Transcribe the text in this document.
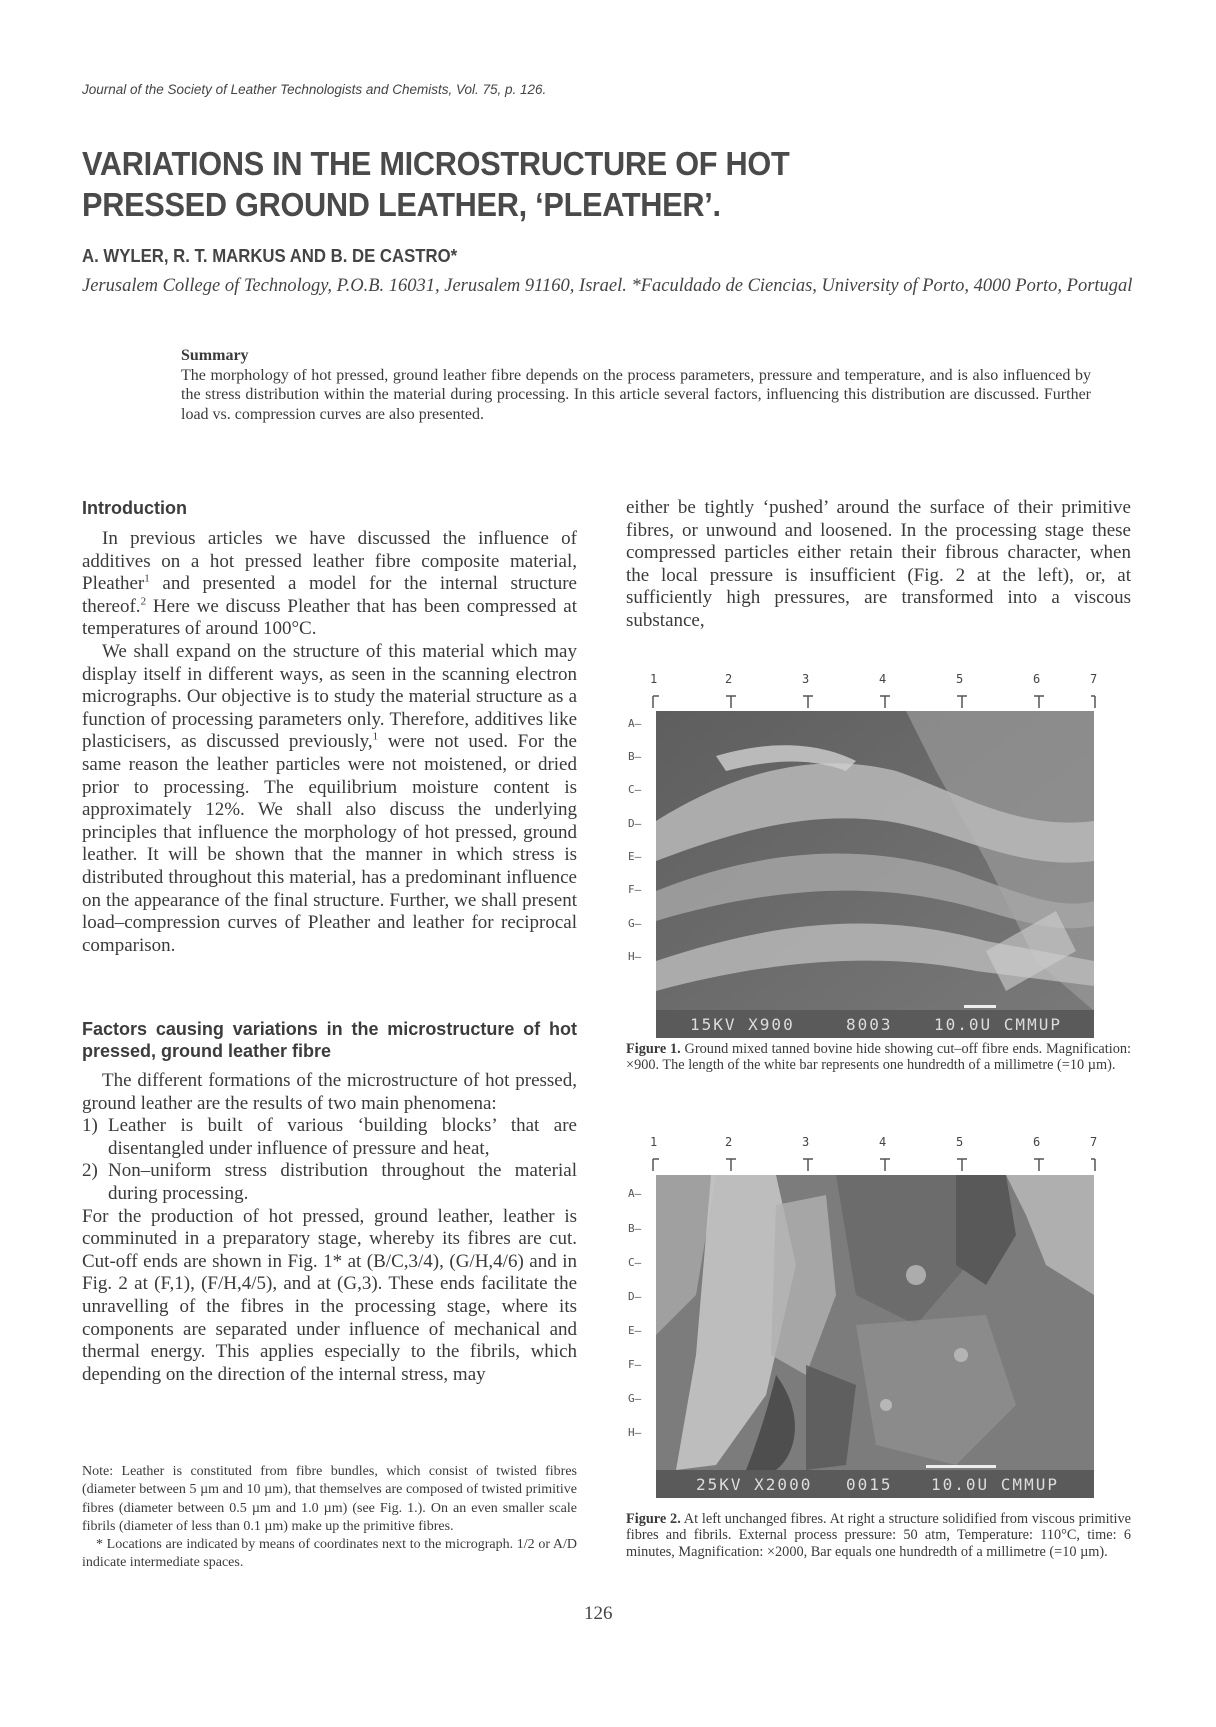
Journal of the Society of Leather Technologists and Chemists, Vol. 75, p. 126.
VARIATIONS IN THE MICROSTRUCTURE OF HOT
PRESSED GROUND LEATHER, ‘PLEATHER’.
A. WYLER, R. T. MARKUS AND B. DE CASTRO*
Jerusalem College of Technology, P.O.B. 16031, Jerusalem 91160, Israel. *Faculdado de Ciencias, University of Porto, 4000 Porto, Portugal
Summary
The morphology of hot pressed, ground leather fibre depends on the process parameters, pressure and temperature, and is also influenced by the stress distribution within the material during processing. In this article several factors, influencing this distribution are discussed. Further load vs. compression curves are also presented.
Introduction

In previous articles we have discussed the influence of additives on a hot pressed leather fibre composite material, Pleather$^1$ and presented a model for the internal structure thereof.$^2$ Here we discuss Pleather that has been compressed at temperatures of around 100°C.

We shall expand on the structure of this material which may display itself in different ways, as seen in the scanning electron micrographs. Our objective is to study the material structure as a function of processing parameters only. Therefore, additives like plasticisers, as discussed previously,$^1$ were not used. For the same reason the leather particles were not moistened, or dried prior to processing. The equilibrium moisture content is approximately 12%. We shall also discuss the underlying principles that influence the morphology of hot pressed, ground leather. It will be shown that the manner in which stress is distributed throughout this material, has a predominant influence on the appearance of the final structure. Further, we shall present load–compression curves of Pleather and leather for reciprocal comparison.

Factors causing variations in the microstructure of hot pressed, ground leather fibre

The different formations of the microstructure of hot pressed, ground leather are the results of two main phenomena:

1) Leather is built of various ‘building blocks’ that are disentangled under influence of pressure and heat,
2) Non–uniform stress distribution throughout the material during processing.

For the production of hot pressed, ground leather, leather is comminuted in a preparatory stage, whereby its fibres are cut. Cut-off ends are shown in Fig. 1* at (B/C,3/4), (G/H,4/6) and in Fig. 2 at (F,1), (F/H,4/5), and at (G,3). These ends facilitate the unravelling of the fibres in the processing stage, where its components are separated under influence of mechanical and thermal energy. This applies especially to the fibrils, which depending on the direction of the internal stress, may

Note: Leather is constituted from fibre bundles, which consist of twisted fibres (diameter between 5 µm and 10 µm), that themselves are composed of twisted primitive fibres (diameter between 0.5 µm and 1.0 µm) (see Fig. 1.). On an even smaller scale fibrils (diameter of less than 0.1 µm) make up the primitive fibres.

* Locations are indicated by means of coordinates next to the micrograph. 1/2 or A/D indicate intermediate spaces.

either be tightly ‘pushed’ around the surface of their primitive fibres, or unwound and loosened. In the processing stage these compressed particles either retain their fibrous character, when the local pressure is insufficient (Fig. 2 at the left), or, at sufficiently high pressures, are transformed into a viscous substance,

1	2	3	4	5	6	7
A–
B–
C–
D–
E–
F–
G–
H–
15KV X900	8003	10.0U CMMUP
Figure 1. Ground mixed tanned bovine hide showing cut–off fibre ends. Magnification: ×900. The length of the white bar represents one hundredth of a millimetre (=10 µm).
1	2	3	4	5	6	7
A–
B–
C–
D–
E–
F–
G–
H–
25KV X2000 0015 10.0U CMMUP
Figure 2. At left unchanged fibres. At right a structure solidified from viscous primitive fibres and fibrils. External process pressure: 50 atm, Temperature: 110°C, time: 6 minutes, Magnification: ×2000, Bar equals one hundredth of a millimetre (=10 µm).
126
